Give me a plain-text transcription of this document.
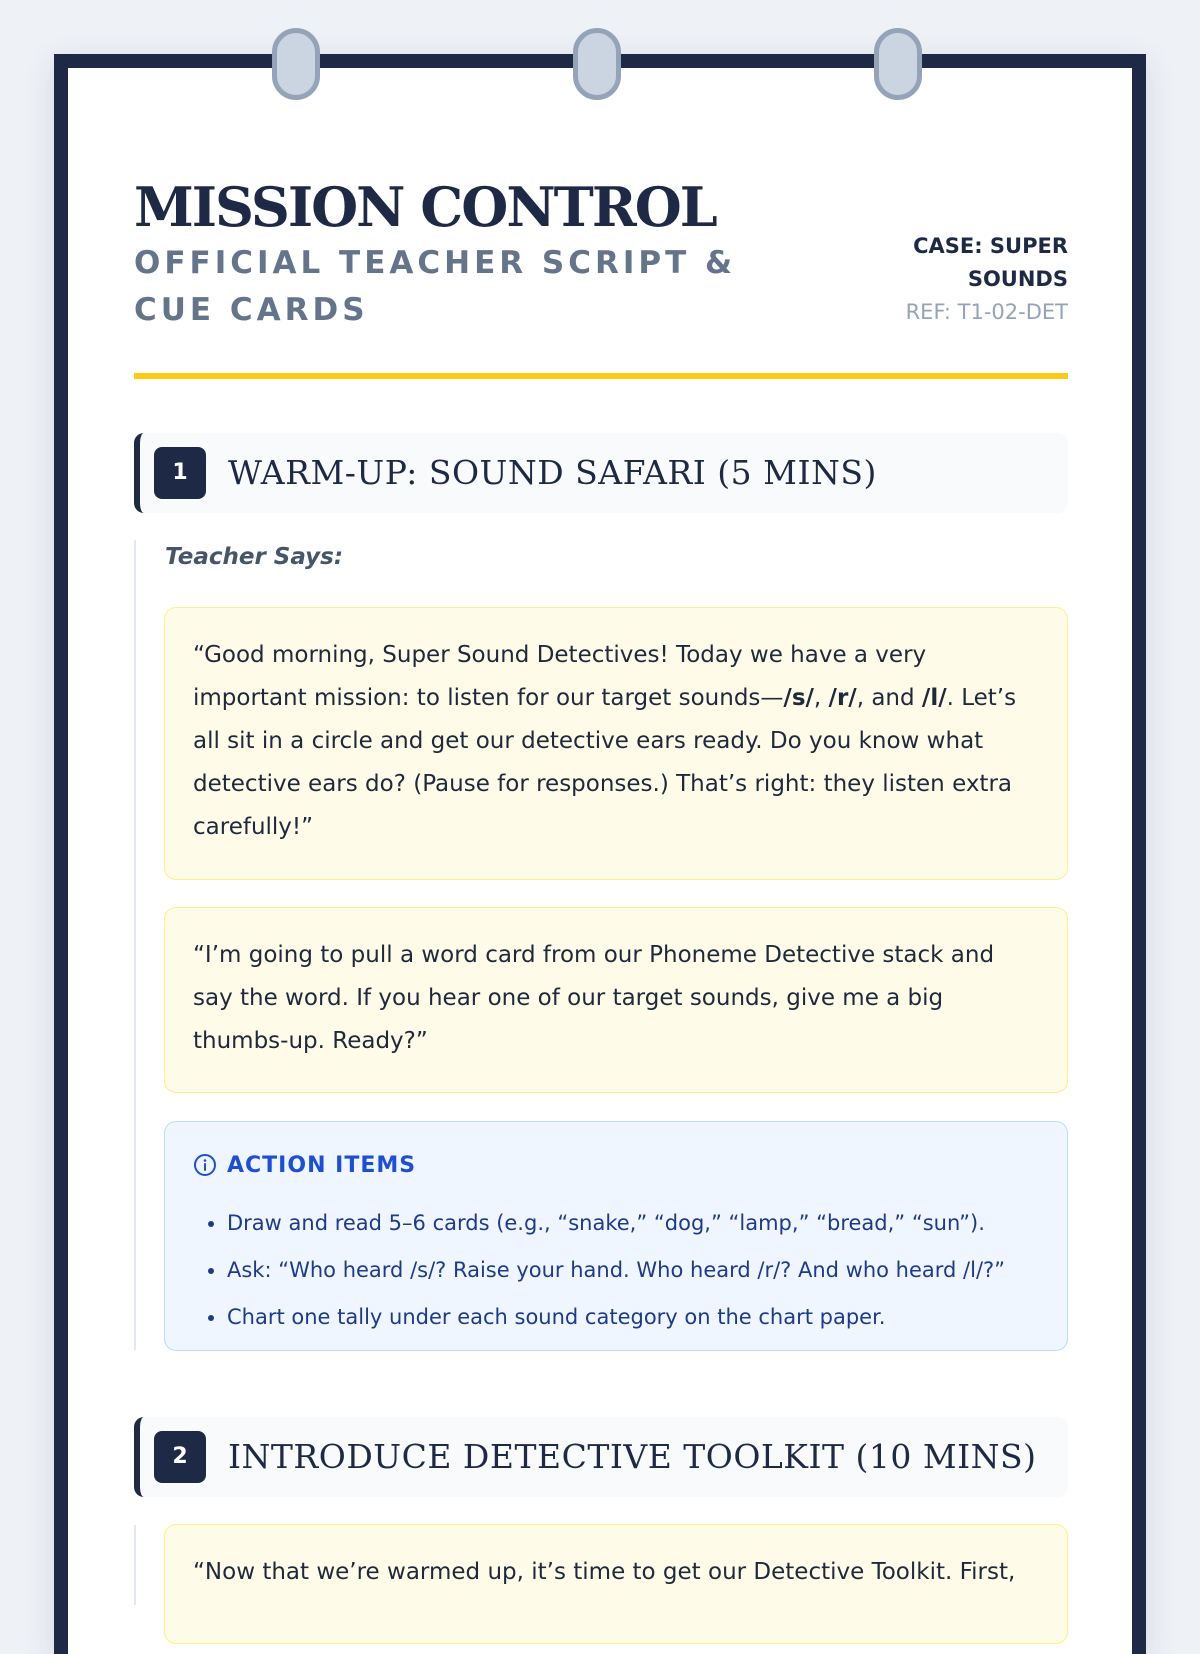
MISSION CONTROL
OFFICIAL TEACHER SCRIPT & CUE CARDS
CASE: SUPER SOUNDS
REF: T1-02-DET
1	WARM-UP: SOUND SAFARI (5 MINS)
Teacher Says:
“Good morning, Super Sound Detectives! Today we have a very important mission: to listen for our target sounds—/s/, /r/, and /l/. Let’s all sit in a circle and get our detective ears ready. Do you know what detective ears do? (Pause for responses.) That’s right: they listen extra carefully!”
“I’m going to pull a word card from our Phoneme Detective stack and say the word. If you hear one of our target sounds, give me a big thumbs-up. Ready?”
ACTION ITEMS
• Draw and read 5–6 cards (e.g., “snake,” “dog,” “lamp,” “bread,” “sun”).
• Ask: “Who heard /s/? Raise your hand. Who heard /r/? And who heard /l/?”
• Chart one tally under each sound category on the chart paper.
2	INTRODUCE DETECTIVE TOOLKIT (10 MINS)
“Now that we’re warmed up, it’s time to get our Detective Toolkit. First,
